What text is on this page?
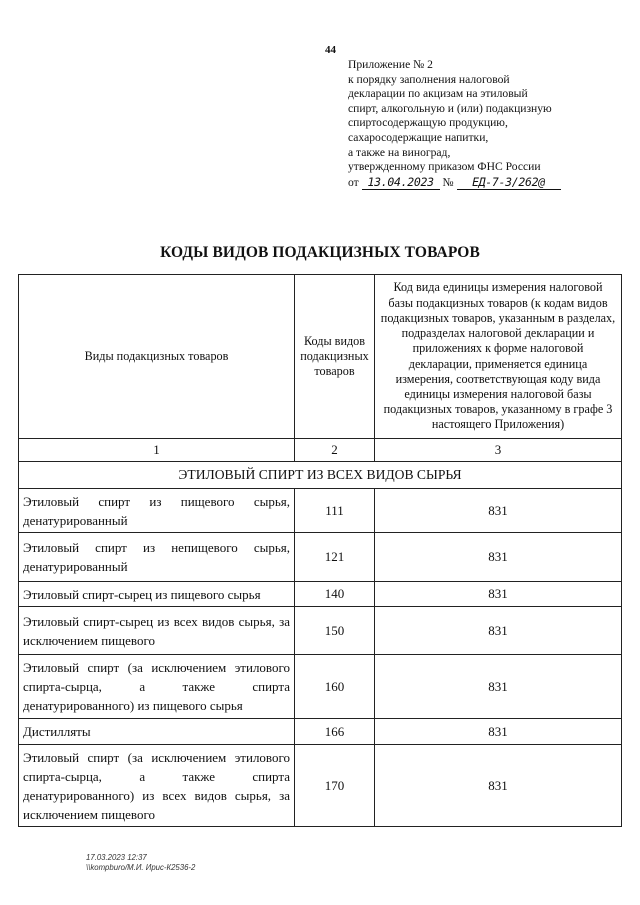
44
Приложение № 2
к порядку заполнения налоговой
декларации по акцизам на этиловый
спирт, алкогольную и (или) подакцизную
спиртосодержащую продукцию,
сахаросодержащие напитки,
а также на виноград,
утвержденному приказом ФНС России
от 13.04.2023 № ЕД-7-3/262@
КОДЫ ВИДОВ ПОДАКЦИЗНЫХ ТОВАРОВ
Виды подакцизных товаров	Коды видов подакцизных товаров	Код вида единицы измерения налоговой базы подакцизных товаров (к кодам видов подакцизных товаров, указанным в разделах, подразделах налоговой декларации и приложениях к форме налоговой декларации, применяется единица измерения, соответствующая коду вида единицы измерения налоговой базы подакцизных товаров, указанному в графе 3 настоящего Приложения)
1	2	3
ЭТИЛОВЫЙ СПИРТ ИЗ ВСЕХ ВИДОВ СЫРЬЯ		
Этиловый спирт из пищевого сырья, денатурированный	111	831
Этиловый спирт из непищевого сырья, денатурированный	121	831
Этиловый спирт-сырец из пищевого сырья	140	831
Этиловый спирт-сырец из всех видов сырья, за исключением пищевого	150	831
Этиловый спирт (за исключением этилового спирта-сырца, а также спирта денатурированного) из пищевого сырья	160	831
Дистилляты	166	831
Этиловый спирт (за исключением этилового спирта-сырца, а также спирта денатурированного) из всех видов сырья, за исключением пищевого	170	831
17.03.2023 12:37
\\kompburo/М.И. Ирис-К2536-2
